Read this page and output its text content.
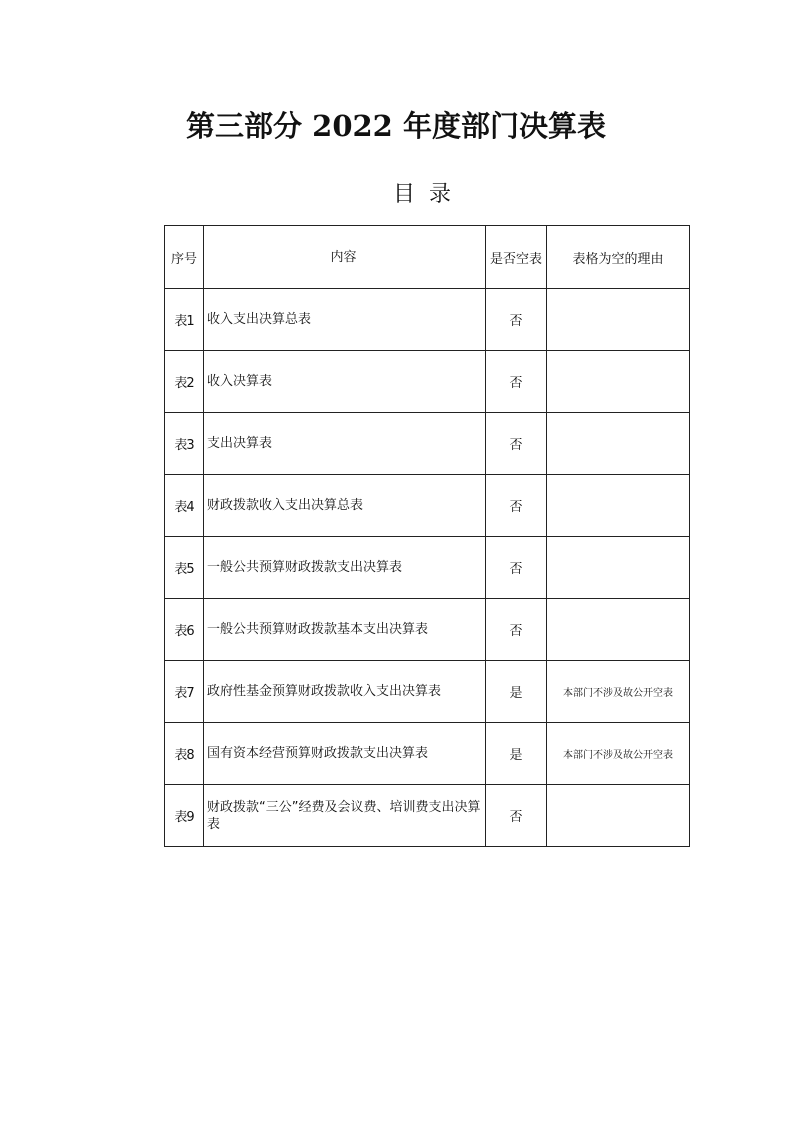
第三部分 2022 年度部门决算表
目录
序号	内容	是否空表	表格为空的理由
表1	收入支出决算总表	否	
表2	收入决算表	否	
表3	支出决算表	否	
表4	财政拨款收入支出决算总表	否	
表5	一般公共预算财政拨款支出决算表	否	
表6	一般公共预算财政拨款基本支出决算表	否	
表7	政府性基金预算财政拨款收入支出决算表	是	本部门不涉及故公开空表
表8	国有资本经营预算财政拨款支出决算表	是	本部门不涉及故公开空表
表9	财政拨款“三公”经费及会议费、培训费支出决算表	否	
